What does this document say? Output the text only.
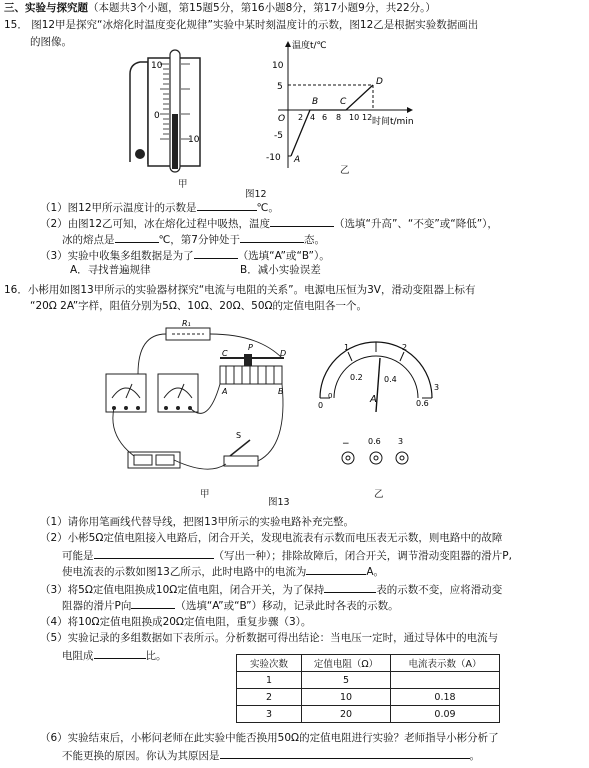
三、实验与探究题（本题共3个小题，第15题5分，第16小题8分，第17小题9分，共22分。）
15． 图12甲是探究“冰熔化时温度变化规律”实验中某时刻温度计的示数，图12乙是根据实验数据画出
的图像。
10
0
10
甲
温度t/℃
时间t/min
10
5
-5
-10
O 2 4 6 8 10 12
A
B C
D
乙
图12
（1）图12甲所示温度计的示数是	℃。
（2）由图12乙可知，冰在熔化过程中吸热，温度	（选填“升高”、“不变”或“降低”），
冰的熔点是	℃，第7分钟处于	态。
（3）实验中收集多组数据是为了	（选填“A”或“B”）。
A．寻找普遍规律	B．减小实验误差
16．小彬用如图13甲所示的实验器材探究“电流与电阻的关系”。电源电压恒为3V，滑动变阻器上标有
“20Ω 2A”字样，阻值分别为5Ω、10Ω、20Ω、50Ω的定值电阻各一个。
R₁
C
P
D
A	B
S
甲
0
1	2
3
0
0.2	0.4
0.6
A
− 0.6 3
乙
图13
（1）请你用笔画线代替导线，把图13甲所示的实验电路补充完整。
（2）小彬5Ω定值电阻接入电路后，闭合开关，发现电流表有示数而电压表无示数，则电路中的故障
可能是	（写出一种）；排除故障后，闭合开关，调节滑动变阻器的滑片P,
使电流表的示数如图13乙所示，此时电路中的电流为	A。
（3）将5Ω定值电阻换成10Ω定值电阻，闭合开关，为了保持	表的示数不变，应将滑动变
阻器的滑片P向	（选填“A”或“B”）移动，记录此时各表的示数。
（4）将10Ω定值电阻换成20Ω定值电阻，重复步骤（3）。
（5）实验记录的多组数据如下表所示。分析数据可得出结论：当电压一定时，通过导体中的电流与
电阻成	比。
实验次数	定值电阻（Ω）	电流表示数（A）
1	5	
2	10	0.18
3	20	0.09
（6）实验结束后，小彬问老师在此实验中能否换用50Ω的定值电阻进行实验？老师指导小彬分析了
不能更换的原因。你认为其原因是	。
